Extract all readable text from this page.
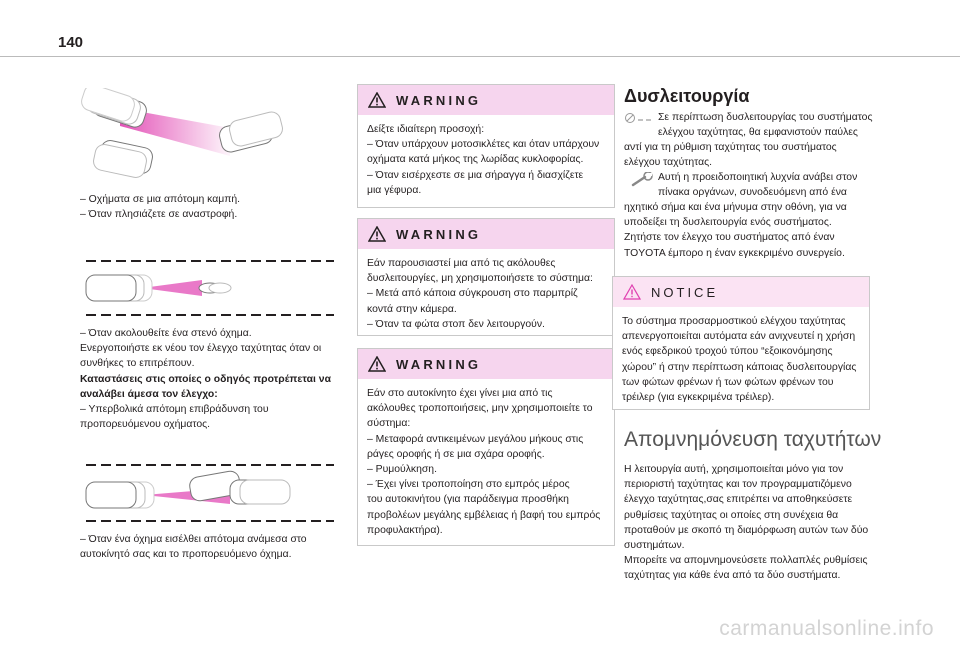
140

– Οχήματα σε μια απότομη καμπή.

– Όταν πλησιάζετε σε αναστροφή.

– Όταν ακολουθείτε ένα στενό όχημα.

Ενεργοποιήστε εκ νέου τον έλεγχο ταχύτητας όταν οι

συνθήκες το επιτρέπουν.

Καταστάσεις στις οποίες ο οδηγός προτρέπεται να

αναλάβει άμεσα τον έλεγχο:

– Υπερβολικά απότομη επιβράδυνση του

προπορευόμενου οχήματος.

– Όταν ένα όχημα εισέλθει απότομα ανάμεσα στο

αυτοκίνητό σας και το προπορευόμενο όχημα.

WARNING

Δείξτε ιδιαίτερη προσοχή:

– Όταν υπάρχουν μοτοσικλέτες και όταν υπάρχουν

οχήματα κατά μήκος της λωρίδας κυκλοφορίας.

– Όταν εισέρχεστε σε μια σήραγγα ή διασχίζετε

μια γέφυρα.

WARNING

Εάν παρουσιαστεί μια από τις ακόλουθες

δυσλειτουργίες, μη χρησιμοποιήσετε το σύστημα:

– Μετά από κάποια σύγκρουση στο παρμπρίζ

κοντά στην κάμερα.

– Όταν τα φώτα στοπ δεν λειτουργούν.

WARNING

Εάν στο αυτοκίνητο έχει γίνει μια από τις

ακόλουθες τροποποιήσεις, μην χρησιμοποιείτε το

σύστημα:

– Μεταφορά αντικειμένων μεγάλου μήκους στις

ράγες οροφής ή σε μια σχάρα οροφής.

– Ρυμούλκηση.

– Έχει γίνει τροποποίηση στο εμπρός μέρος

του αυτοκινήτου (για παράδειγμα προσθήκη

προβολέων μεγάλης εμβέλειας ή βαφή του εμπρός

προφυλακτήρα).

Δυσλειτουργία

Σε περίπτωση δυσλειτουργίας του συστήματος

ελέγχου ταχύτητας, θα εμφανιστούν παύλες

αντί για τη ρύθμιση ταχύτητας του συστήματος

ελέγχου ταχύτητας.

Αυτή η προειδοποιητική λυχνία ανάβει στον

πίνακα οργάνων, συνοδευόμενη από ένα

ηχητικό σήμα και ένα μήνυμα στην οθόνη, για να

υποδείξει τη δυσλειτουργία ενός συστήματος.

Ζητήστε τον έλεγχο του συστήματος από έναν

TOYOTA έμπορο η έναν εγκεκριμένο συνεργείο.

NOTICE

Το σύστημα προσαρμοστικού ελέγχου ταχύτητας

απενεργοποιείται αυτόματα εάν ανιχνευτεί η χρήση

ενός εφεδρικού τροχού τύπου “εξοικονόμησης

χώρου” ή στην περίπτωση κάποιας δυσλειτουργίας

των φώτων φρένων ή των φώτων φρένων του

τρέιλερ (για εγκεκριμένα τρέιλερ).

Απομνημόνευση ταχυτήτων

Η λειτουργία αυτή, χρησιμοποιείται μόνο για τον

περιοριστή ταχύτητας και τον προγραμματιζόμενο

έλεγχο ταχύτητας,σας επιτρέπει να αποθηκεύσετε

ρυθμίσεις ταχύτητας οι οποίες στη συνέχεια θα

προταθούν με σκοπό τη διαμόρφωση αυτών των δύο

συστημάτων.

Μπορείτε να απομνημονεύσετε πολλαπλές ρυθμίσεις

ταχύτητας για κάθε ένα από τα δύο συστήματα.

carmanualsonline.info
